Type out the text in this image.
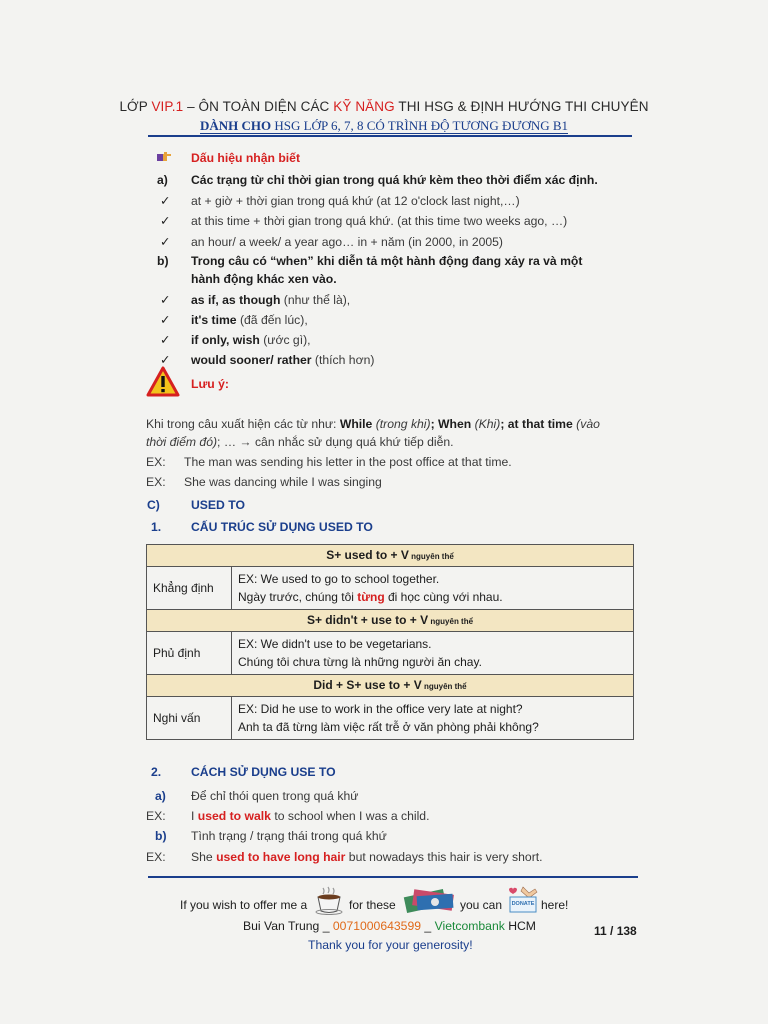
LỚP VIP.1 – ÔN TOÀN DIỆN CÁC KỸ NĂNG THI HSG & ĐỊNH HƯỚNG THI CHUYÊN
DÀNH CHO HSG LỚP 6, 7, 8 CÓ TRÌNH ĐỘ TƯƠNG ĐƯƠNG B1
Dấu hiệu nhận biết
a) Các trạng từ chỉ thời gian trong quá khứ kèm theo thời điểm xác định.
✓ at + giờ + thời gian trong quá khứ (at 12 o'clock last night,…)
✓ at this time + thời gian trong quá khứ. (at this time two weeks ago, …)
✓ an hour/ a week/ a year ago… in + năm (in 2000, in 2005)
b) Trong câu có “when” khi diễn tả một hành động đang xảy ra và một
hành động khác xen vào.
✓ as if, as though (như thể là),
✓ it's time (đã đến lúc),
✓ if only, wish (ước gì),
✓ would sooner/ rather (thích hơn)
Lưu ý:
Khi trong câu xuất hiện các từ như: While (trong khi); When (Khi); at that time (vào
thời điểm đó); … → cân nhắc sử dụng quá khứ tiếp diễn.
EX: The man was sending his letter in the post office at that time.
EX: She was dancing while I was singing
C)	USED TO
1. CẤU TRÚC SỬ DỤNG USED TO
S+ used to + V nguyên thể	
Khẳng định	EX: We used to go to school together.
Ngày trước, chúng tôi từng đi học cùng với nhau.

S+ didn't + use to + V nguyên thể	
Phủ định	EX: We didn't use to be vegetarians.
Chúng tôi chưa từng là những người ăn chay.

Did + S+ use to + V nguyên thể	
Nghi vấn	EX: Did he use to work in the office very late at night?
Anh ta đã từng làm việc rất trễ ở văn phòng phải không?
2. CÁCH SỬ DỤNG USE TO
a) Để chỉ thói quen trong quá khứ
EX: I used to walk to school when I was a child.
b) Tình trạng / trạng thái trong quá khứ
EX: She used to have long hair but nowadays this hair is very short.
If you wish to offer me a	for these	you can DONATE here!
Bui Van Trung _ 0071000643599 _ Vietcombank HCM
Thank you for your generosity!
11 / 138
